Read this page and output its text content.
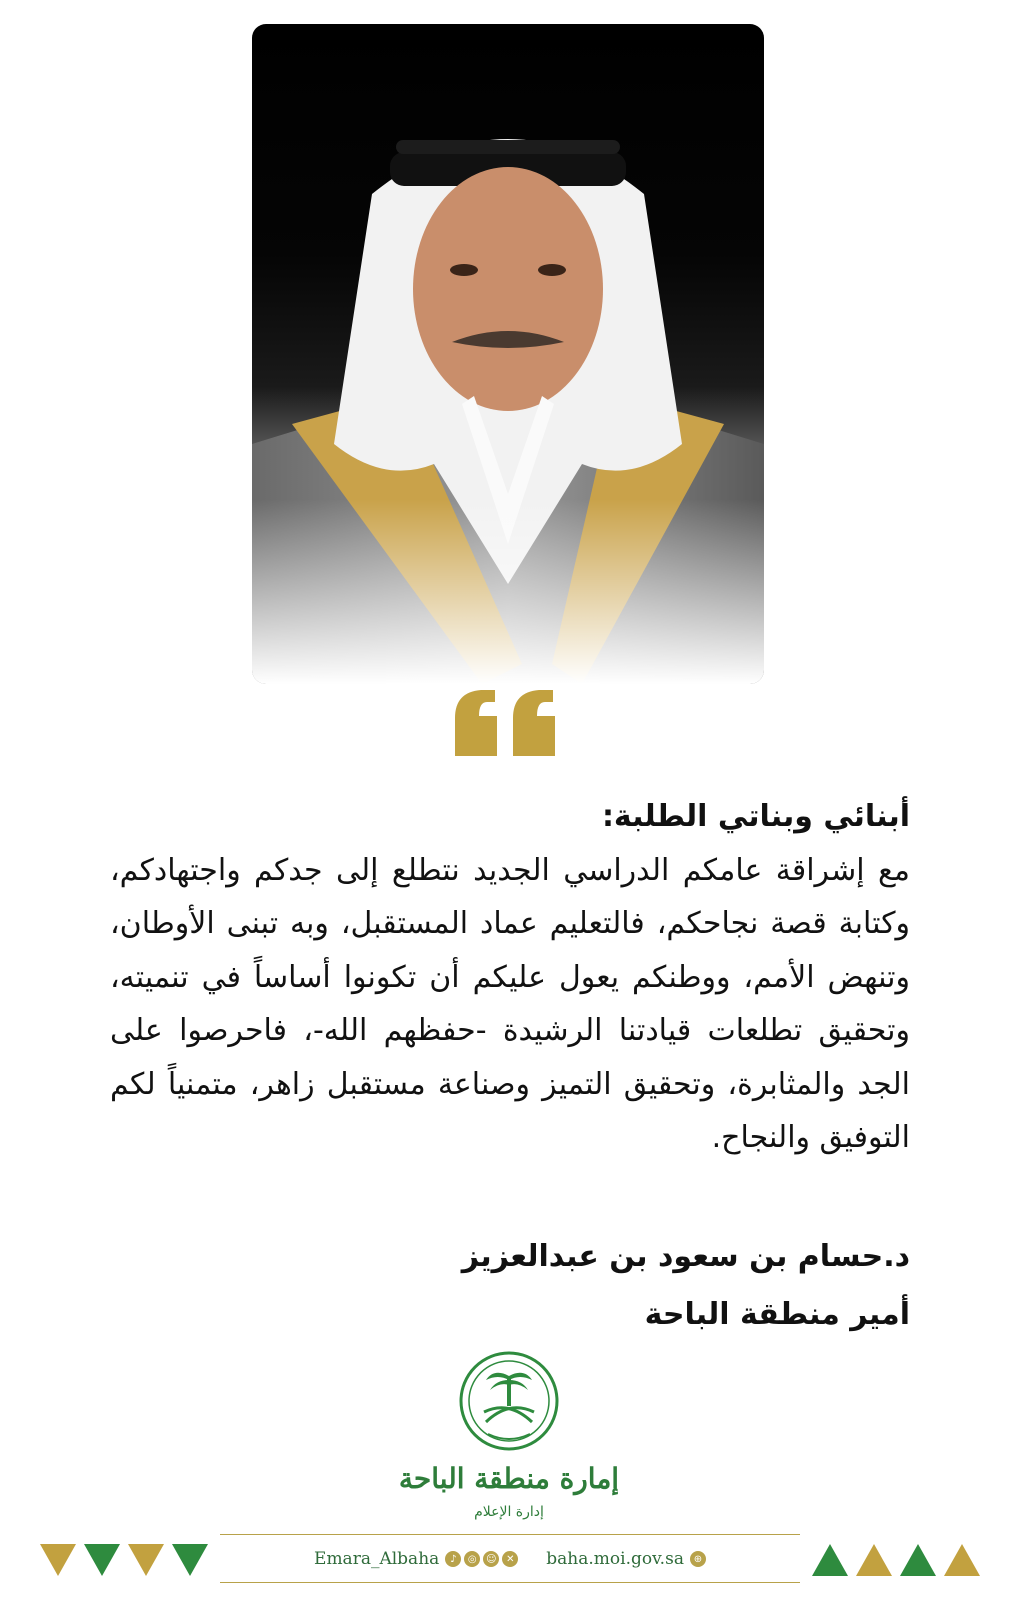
أبنائي وبناتي الطلبة:
مع إشراقة عامكم الدراسي الجديد نتطلع إلى جدكم واجتهادكم، وكتابة قصة نجاحكم، فالتعليم عماد المستقبل، وبه تبنى الأوطان، وتنهض الأمم، ووطنكم يعول عليكم أن تكونوا أساساً في تنميته، وتحقيق تطلعات قيادتنا الرشيدة -حفظهم الله-، فاحرصوا على الجد والمثابرة، وتحقيق التميز وصناعة مستقبل زاهر، متمنياً لكم التوفيق والنجاح.
د.حسام بن سعود بن عبدالعزيز
أمير منطقة الباحة
إمارة منطقة الباحة
إدارة الإعلام
Emara_Albaha	♪	◎ ☺ ✕ baha.moi.gov.sa ⊕
